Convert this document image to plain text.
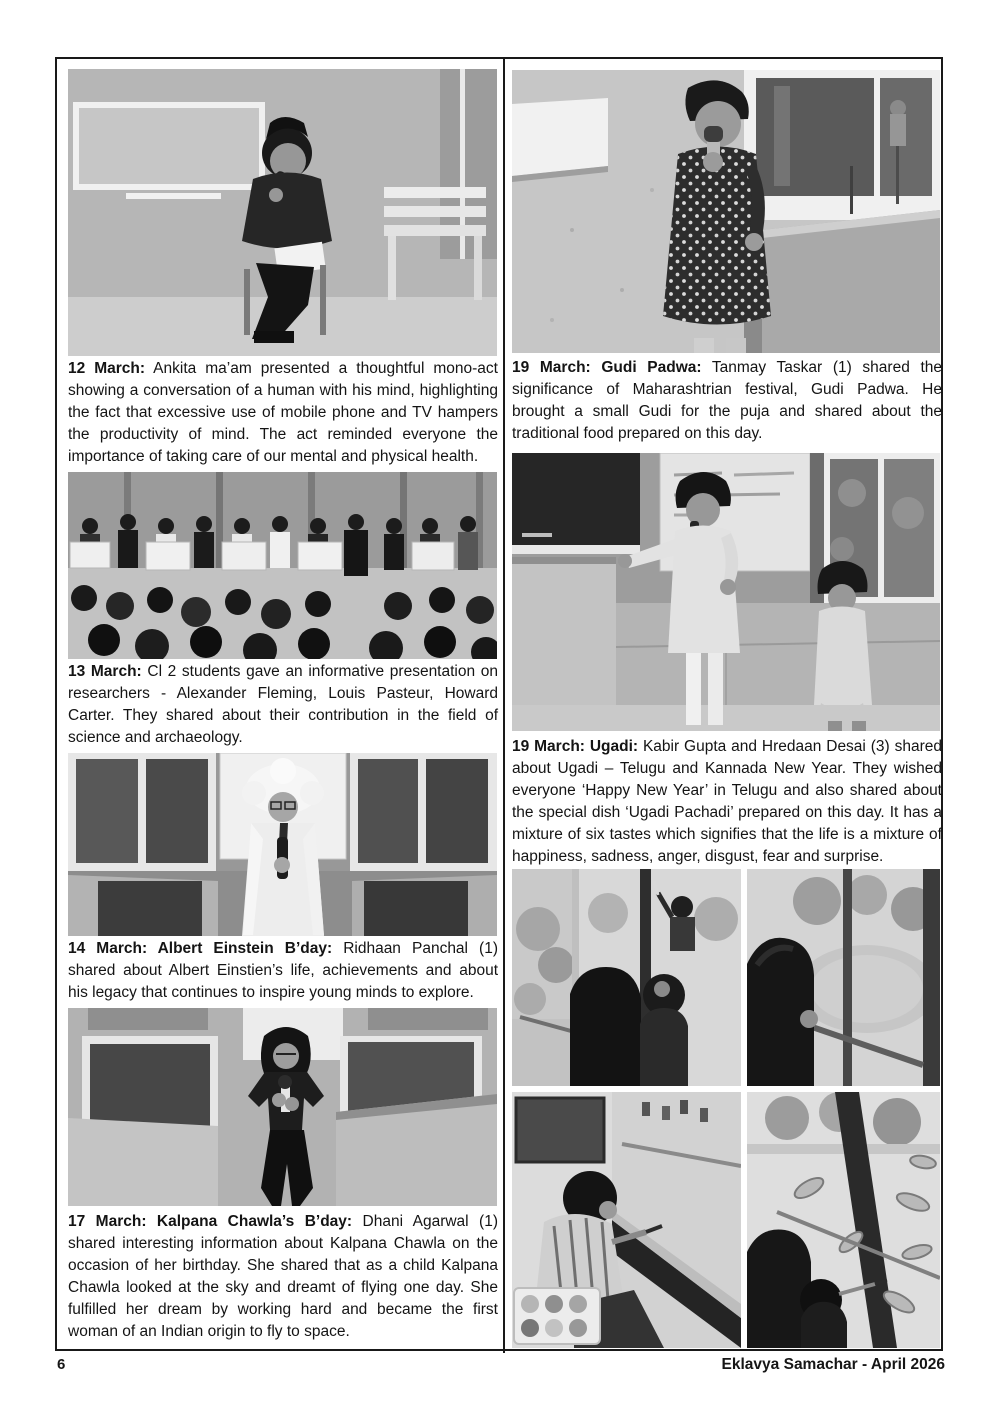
12 March: Ankita ma’am presented a thoughtful mono-act showing a conversation of a human with his mind, highlighting the fact that excessive use of mobile phone and TV hampers the productivity of mind. The act reminded everyone the importance of taking care of our mental and physical health.

13 March: Cl 2 students gave an informative presentation on researchers - Alexander Fleming, Louis Pasteur, Howard Carter. They shared about their contribution in the field of science and archaeology.

14 March: Albert Einstein B’day: Ridhaan Panchal (1) shared about Albert Einstien’s life, achievements and about his legacy that continues to inspire young minds to explore.

17 March: Kalpana Chawla’s B’day: Dhani Agarwal (1) shared interesting information about Kalpana Chawla on the occasion of her birthday. She shared that as a child Kalpana Chawla looked at the sky and dreamt of flying one day. She fulfilled her dream by working hard and became the first woman of an Indian origin to fly to space.

19 March: Gudi Padwa: Tanmay Taskar (1) shared the significance of Maharashtrian festival, Gudi Padwa. He brought a small Gudi for the puja and shared about the traditional food prepared on this day.

19 March: Ugadi: Kabir Gupta and Hredaan Desai (3) shared about Ugadi – Telugu and Kannada New Year. They wished everyone ‘Happy New Year’ in Telugu and also shared about the special dish ‘Ugadi Pachadi’ prepared on this day. It has a mixture of six tastes which signifies that the life is a mixture of happiness, sadness, anger, disgust, fear and surprise.

6	Eklavya Samachar - April 2026
